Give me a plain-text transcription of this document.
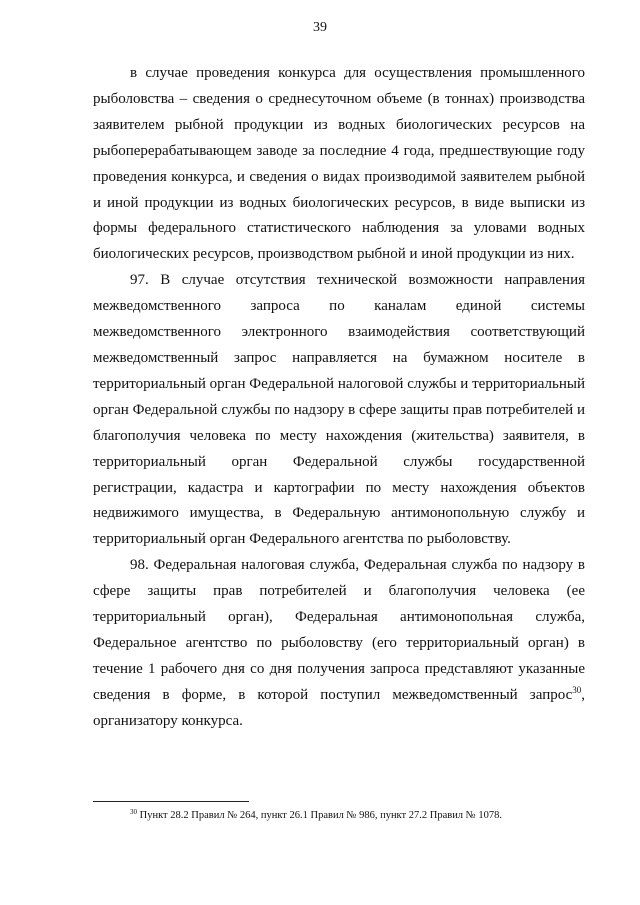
39

в случае проведения конкурса для осуществления промышленного рыболовства – сведения о среднесуточном объеме (в тоннах) производства заявителем рыбной продукции из водных биологических ресурсов на рыбоперерабатывающем заводе за последние 4 года, предшествующие году проведения конкурса, и сведения о видах производимой заявителем рыбной и иной продукции из водных биологических ресурсов, в виде выписки из формы федерального статистического наблюдения за уловами водных биологических ресурсов, производством рыбной и иной продукции из них.

97. В случае отсутствия технической возможности направления межведомственного запроса по каналам единой системы межведомственного электронного взаимодействия соответствующий межведомственный запрос направляется на бумажном носителе в территориальный орган Федеральной налоговой службы и территориальный орган Федеральной службы по надзору в сфере защиты прав потребителей и благополучия человека по месту нахождения (жительства) заявителя, в территориальный орган Федеральной службы государственной регистрации, кадастра и картографии по месту нахождения объектов недвижимого имущества, в Федеральную антимонопольную службу и территориальный орган Федерального агентства по рыболовству.

98. Федеральная налоговая служба, Федеральная служба по надзору в сфере защиты прав потребителей и благополучия человека (ее территориальный орган), Федеральная антимонопольная служба, Федеральное агентство по рыболовству (его территориальный орган) в течение 1 рабочего дня со дня получения запроса представляют указанные сведения в форме, в которой поступил межведомственный запрос$^{30}$, организатору конкурса.

$^{30}$ Пункт 28.2 Правил № 264, пункт 26.1 Правил № 986, пункт 27.2 Правил № 1078.
